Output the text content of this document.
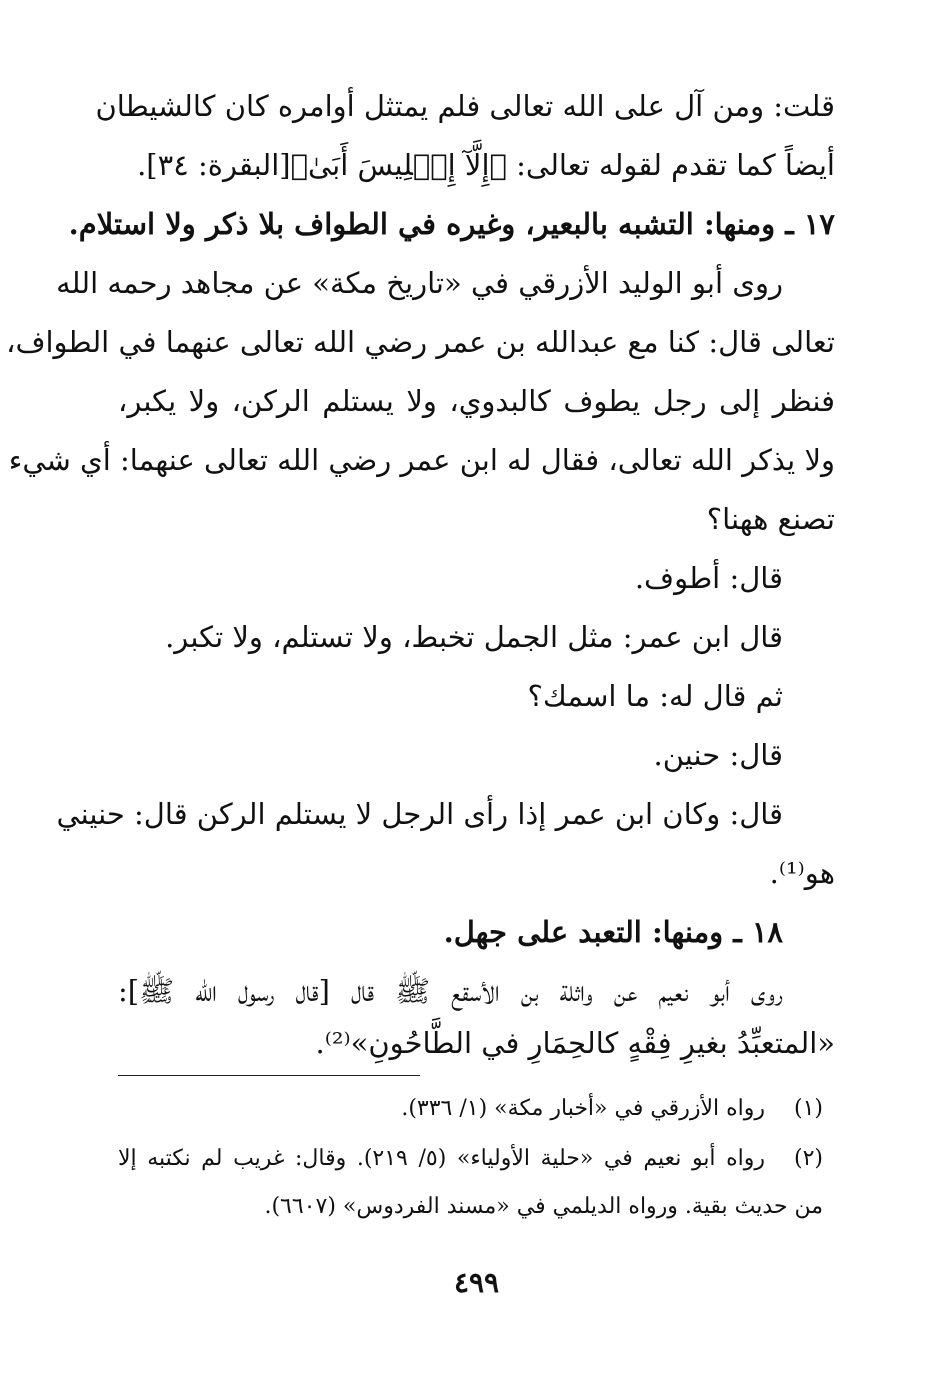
قلت: ومن آل على الله تعالى فلم يمتثل أوامره كان كالشيطان
أيضاً كما تقدم لقوله تعالى: ﴿إِلَّآ إِبۡلِيسَ أَبَىٰ﴾[البقرة: ٣٤].
١٧ ـ ومنها: التشبه بالبعير، وغيره في الطواف بلا ذكر ولا استلام.
روى أبو الوليد الأزرقي في «تاريخ مكة» عن مجاهد رحمه الله
تعالى قال: كنا مع عبدالله بن عمر رضي الله تعالى عنهما في الطواف،
فنظر إلى رجل يطوف كالبدوي، ولا يستلم الركن، ولا يكبر،
ولا يذكر الله تعالى، فقال له ابن عمر رضي الله تعالى عنهما: أي شيء
تصنع ههنا؟
قال: أطوف.
قال ابن عمر: مثل الجمل تخبط، ولا تستلم، ولا تكبر.
ثم قال له: ما اسمك؟
قال: حنين.
قال: وكان ابن عمر إذا رأى الرجل لا يستلم الركن قال: حنيني
هو⁽¹⁾.
١٨ ـ ومنها: التعبد على جهل.
روى أبو نعيم عن واثلة بن الأسقع ﷺ قال [قال رسول الله ﷺ]:
«المتعبِّدُ بغيرِ فِقْهٍ كالحِمَارِ في الطَّاحُونِ»⁽²⁾.
(١)
رواه الأزرقي في «أخبار مكة» (١/ ٣٣٦).
(٢)
رواه أبو نعيم في «حلية الأولياء» (٥/ ٢١٩). وقال: غريب لم نكتبه إلا
من حديث بقية. ورواه الديلمي في «مسند الفردوس» (٦٦٠٧).
٤٩٩
